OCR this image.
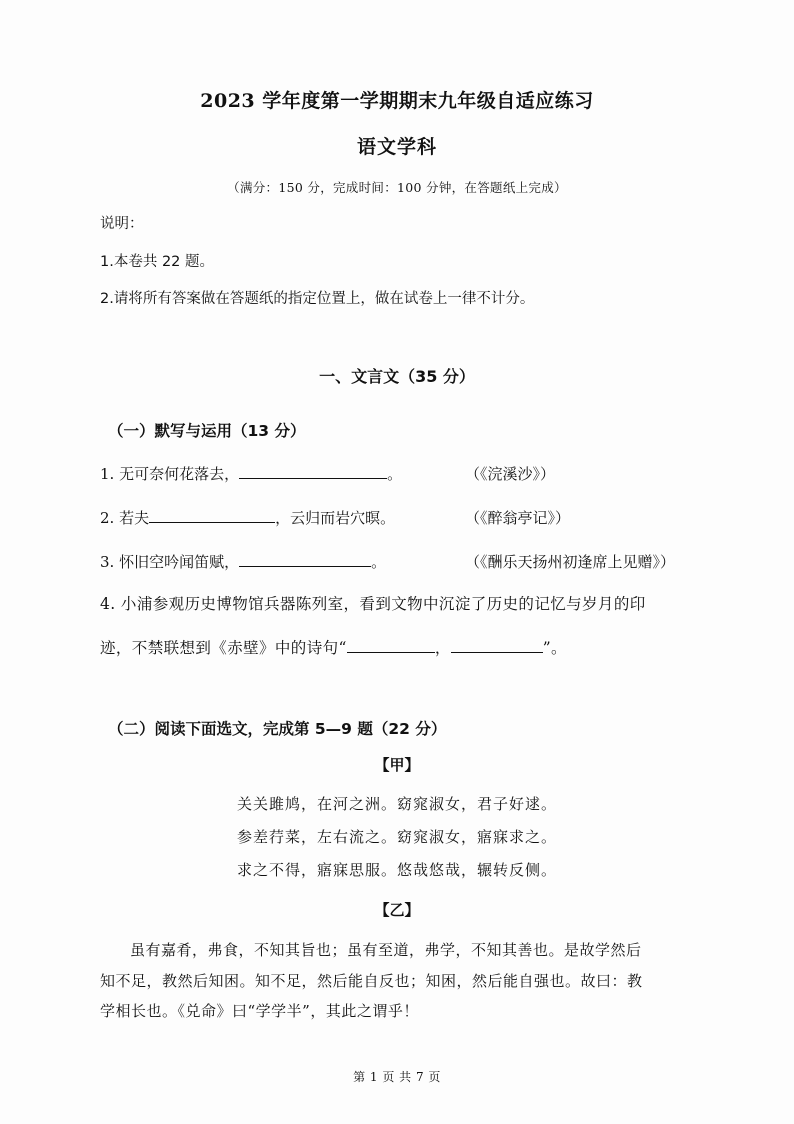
2023 学年度第一学期期末九年级自适应练习
语文学科
（满分：150 分，完成时间：100 分钟，在答题纸上完成）
说明：
1.本卷共 22 题。
2.请将所有答案做在答题纸的指定位置上，做在试卷上一律不计分。
一、文言文（35 分）
（一）默写与运用（13 分）
1. 无可奈何花落去，	。	（《浣溪沙》）
2. 若夫	，云归而岩穴暝。	（《醉翁亭记》）
3. 怀旧空吟闻笛赋，	。	（《酬乐天扬州初逢席上见赠》）
4. 小浦参观历史博物馆兵器陈列室，看到文物中沉淀了历史的记忆与岁月的印
迹，不禁联想到《赤壁》中的诗句“	，	”。
（二）阅读下面选文，完成第 5—9 题（22 分）
【甲】
关关雎鸠，在河之洲。窈窕淑女，君子好逑。
参差荇菜，左右流之。窈窕淑女，寤寐求之。
求之不得，寤寐思服。悠哉悠哉，辗转反侧。
【乙】
虽有嘉肴，弗食，不知其旨也；虽有至道，弗学，不知其善也。是故学然后
知不足，教然后知困。知不足，然后能自反也；知困，然后能自强也。故曰：教
学相长也。《兑命》曰“学学半”，其此之谓乎！
第 1 页 共 7 页
